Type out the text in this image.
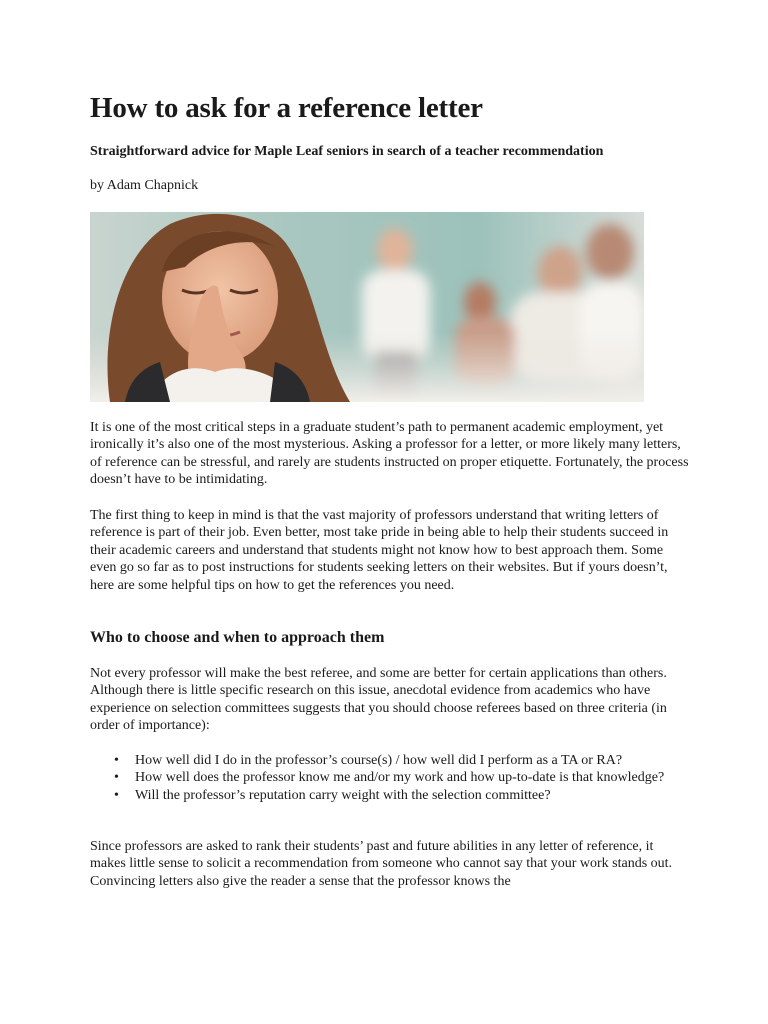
How to ask for a reference letter

Straightforward advice for Maple Leaf seniors in search of a teacher recommendation

by Adam Chapnick

It is one of the most critical steps in a graduate student’s path to permanent academic employment, yet ironically it’s also one of the most mysterious. Asking a professor for a letter, or more likely many letters, of reference can be stressful, and rarely are students instructed on proper etiquette. Fortunately, the process doesn’t have to be intimidating.

The first thing to keep in mind is that the vast majority of professors understand that writing letters of reference is part of their job. Even better, most take pride in being able to help their students succeed in their academic careers and understand that students might not know how to best approach them. Some even go so far as to post instructions for students seeking letters on their websites. But if yours doesn’t, here are some helpful tips on how to get the references you need.

Who to choose and when to approach them

Not every professor will make the best referee, and some are better for certain applications than others. Although there is little specific research on this issue, anecdotal evidence from academics who have experience on selection committees suggests that you should choose referees based on three criteria (in order of importance):

• How well did I do in the professor’s course(s) / how well did I perform as a TA or RA?
• How well does the professor know me and/or my work and how up-to-date is that knowledge?
• Will the professor’s reputation carry weight with the selection committee?

Since professors are asked to rank their students’ past and future abilities in any letter of reference, it makes little sense to solicit a recommendation from someone who cannot say that your work stands out. Convincing letters also give the reader a sense that the professor knows the
